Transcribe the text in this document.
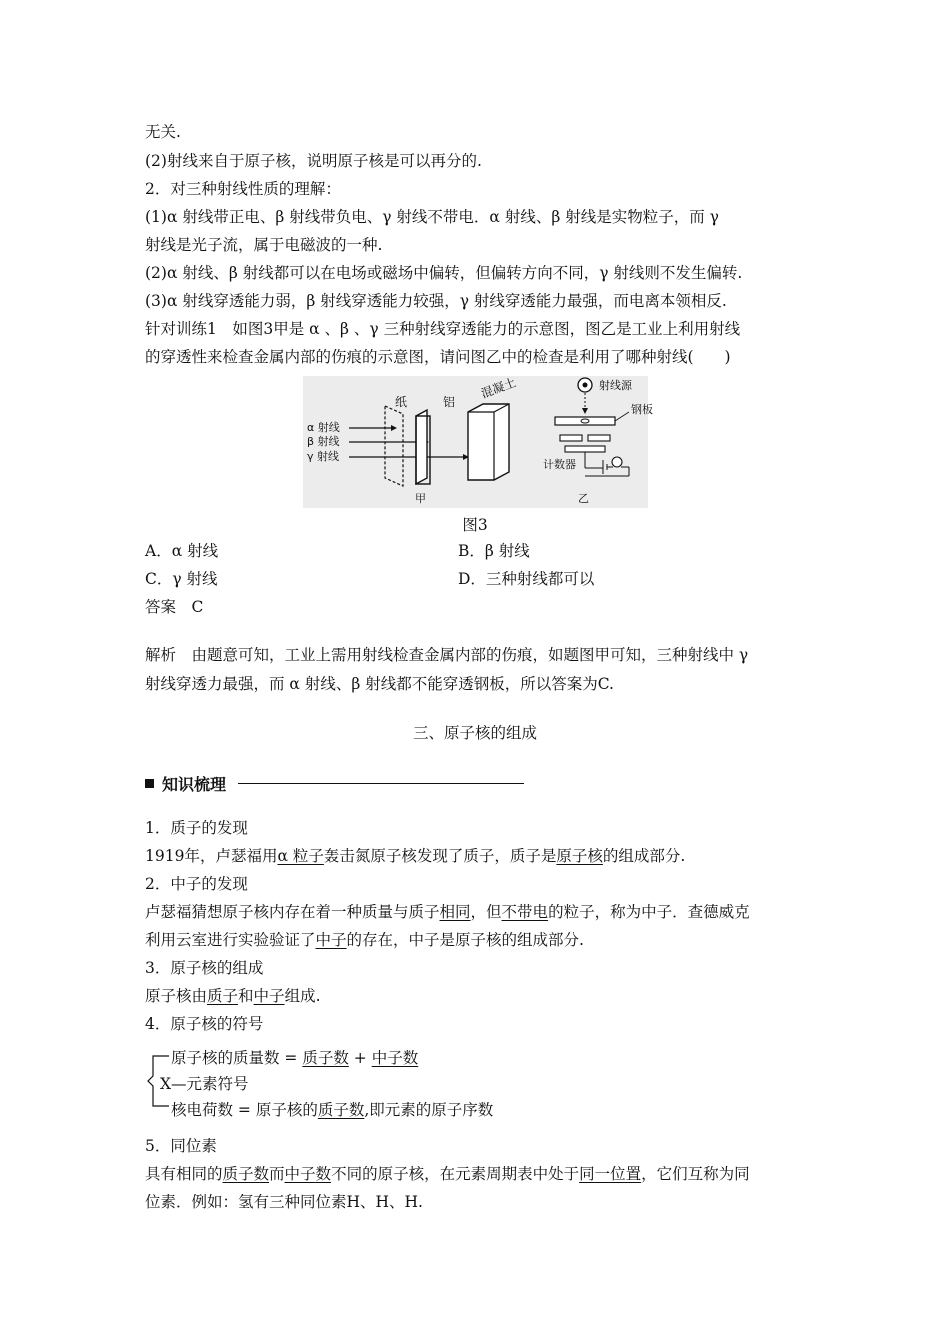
无关.
(2)射线来自于原子核，说明原子核是可以再分的.
2．对三种射线性质的理解：
(1)α 射线带正电、β 射线带负电、γ 射线不带电．α 射线、β 射线是实物粒子，而 γ
射线是光子流，属于电磁波的一种.
(2)α 射线、β 射线都可以在电场或磁场中偏转，但偏转方向不同，γ 射线则不发生偏转.
(3)α 射线穿透能力弱，β 射线穿透能力较强，γ 射线穿透能力最强，而电离本领相反.
针对训练1　如图3甲是 α 、β 、γ 三种射线穿透能力的示意图，图乙是工业上利用射线
的穿透性来检查金属内部的伤痕的示意图，请问图乙中的检查是利用了哪种射线(　　)
α 射线
β 射线
γ 射线
纸	铝
混凝土
甲
射线源
钢板
计数器
乙
图3
A．α 射线	B．β 射线
C．γ 射线	D．三种射线都可以
答案　C
解析　由题意可知，工业上需用射线检查金属内部的伤痕，如题图甲可知，三种射线中 γ
射线穿透力最强，而 α 射线、β 射线都不能穿透钢板，所以答案为C.
三、原子核的组成
知识梳理
1．质子的发现
1919年，卢瑟福用α 粒子轰击氮原子核发现了质子，质子是原子核的组成部分.
2．中子的发现
卢瑟福猜想原子核内存在着一种质量与质子相同，但不带电的粒子，称为中子．查德威克
利用云室进行实验验证了中子的存在，中子是原子核的组成部分.
3．原子核的组成
原子核由质子和中子组成.
4．原子核的符号
原子核的质量数 = 质子数 + 中子数
X—元素符号
核电荷数 = 原子核的质子数,即元素的原子序数
5．同位素
具有相同的质子数而中子数不同的原子核，在元素周期表中处于同一位置，它们互称为同
位素．例如：氢有三种同位素H、H、H.
